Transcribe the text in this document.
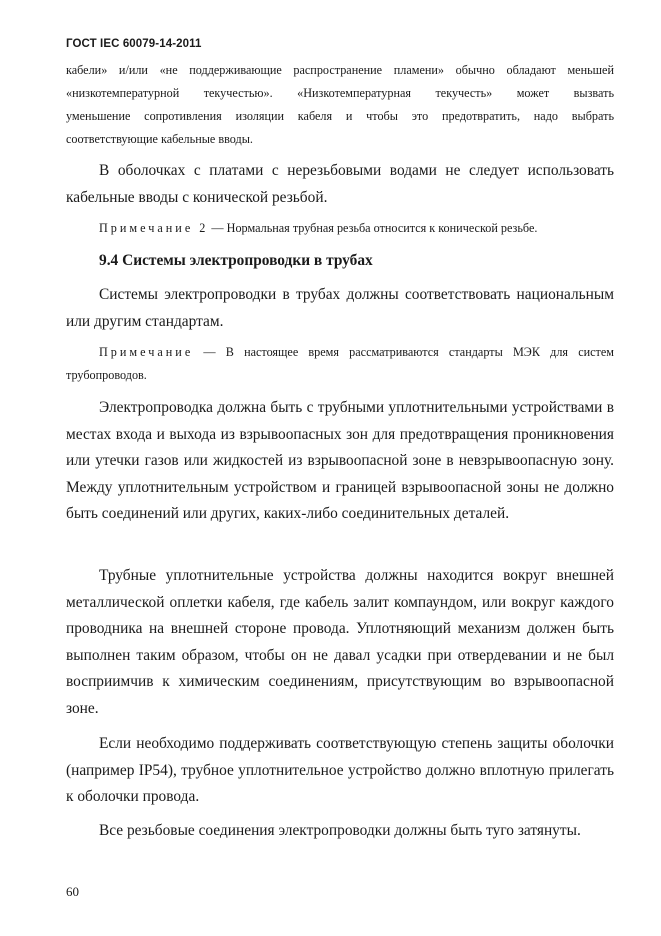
ГОСТ IEC 60079-14-2011

кабели» и/или «не поддерживающие распространение пламени» обычно обладают меньшей

«низкотемпературной текучестью». «Низкотемпературная текучесть» может вызвать

уменьшение сопротивления изоляции кабеля и чтобы это предотвратить, надо выбрать

соответствующие кабельные вводы.

В оболочках с платами с нерезьбовыми водами не следует использовать кабельные вводы с конической резьбой.

Примечание 2 — Нормальная трубная резьба относится к конической резьбе.

9.4 Системы электропроводки в трубах

Системы электропроводки в трубах должны соответствовать национальным или другим стандартам.

Примечание — В настоящее время рассматриваются стандарты МЭК для систем трубопроводов.

Электропроводка должна быть с трубными уплотнительными устройствами в местах входа и выхода из взрывоопасных зон для предотвращения проникновения или утечки газов или жидкостей из взрывоопасной зоне в невзрывоопасную зону. Между уплотнительным устройством и границей взрывоопасной зоны не должно быть соединений или других, каких-либо соединительных деталей.

Трубные уплотнительные устройства должны находится вокруг внешней металлической оплетки кабеля, где кабель залит компаундом, или вокруг каждого проводника на внешней стороне провода. Уплотняющий механизм должен быть выполнен таким образом, чтобы он не давал усадки при отвердевании и не был восприимчив к химическим соединениям, присутствующим во взрывоопасной зоне.

Если необходимо поддерживать соответствующую степень защиты оболочки (например IP54), трубное уплотнительное устройство должно вплотную прилегать к оболочки провода.

Все резьбовые соединения электропроводки должны быть туго затянуты.

60
